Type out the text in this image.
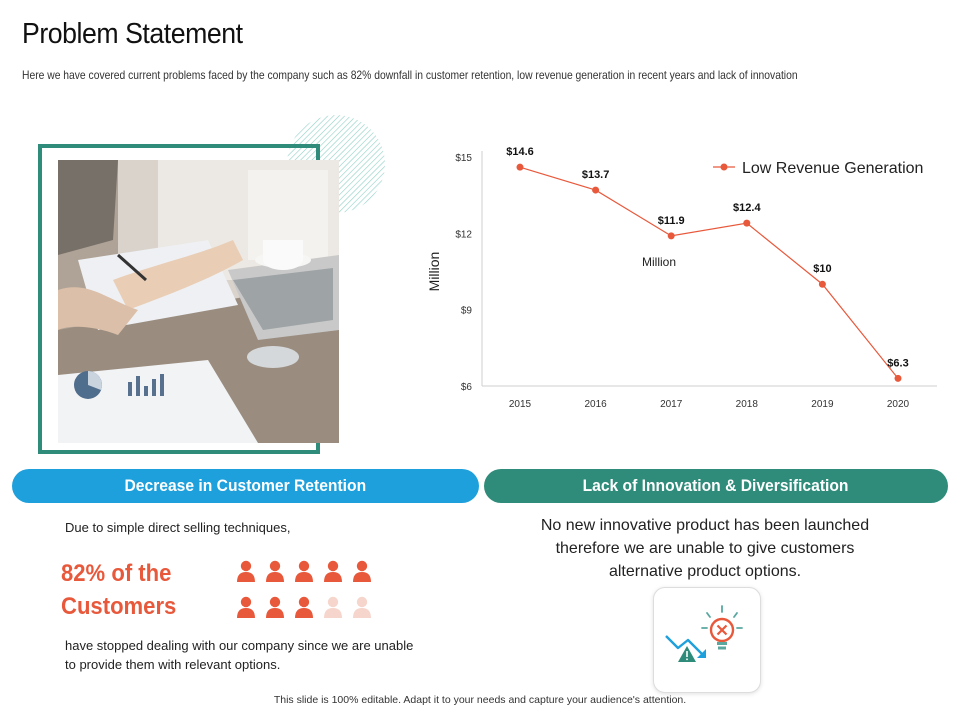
Problem Statement
Here we have covered current problems faced by the company such as 82% downfall in customer retention, low revenue generation in recent years and lack of innovation
$15
$12
$9
$6
2015	2016	2017	2018	2019	2020
Million	Million
$14.6
$13.7
$11.9
$12.4
$10
$6.3
Low Revenue Generation
Decrease in Customer Retention	Lack of Innovation & Diversification
Due to simple direct selling techniques,
82% of the
Customers
have stopped dealing with our company since we are unable
to provide them with relevant options.
No new innovative product has been launched
therefore we are unable to give customers
alternative product options.
This slide is 100% editable. Adapt it to your needs and capture your audience's attention.
